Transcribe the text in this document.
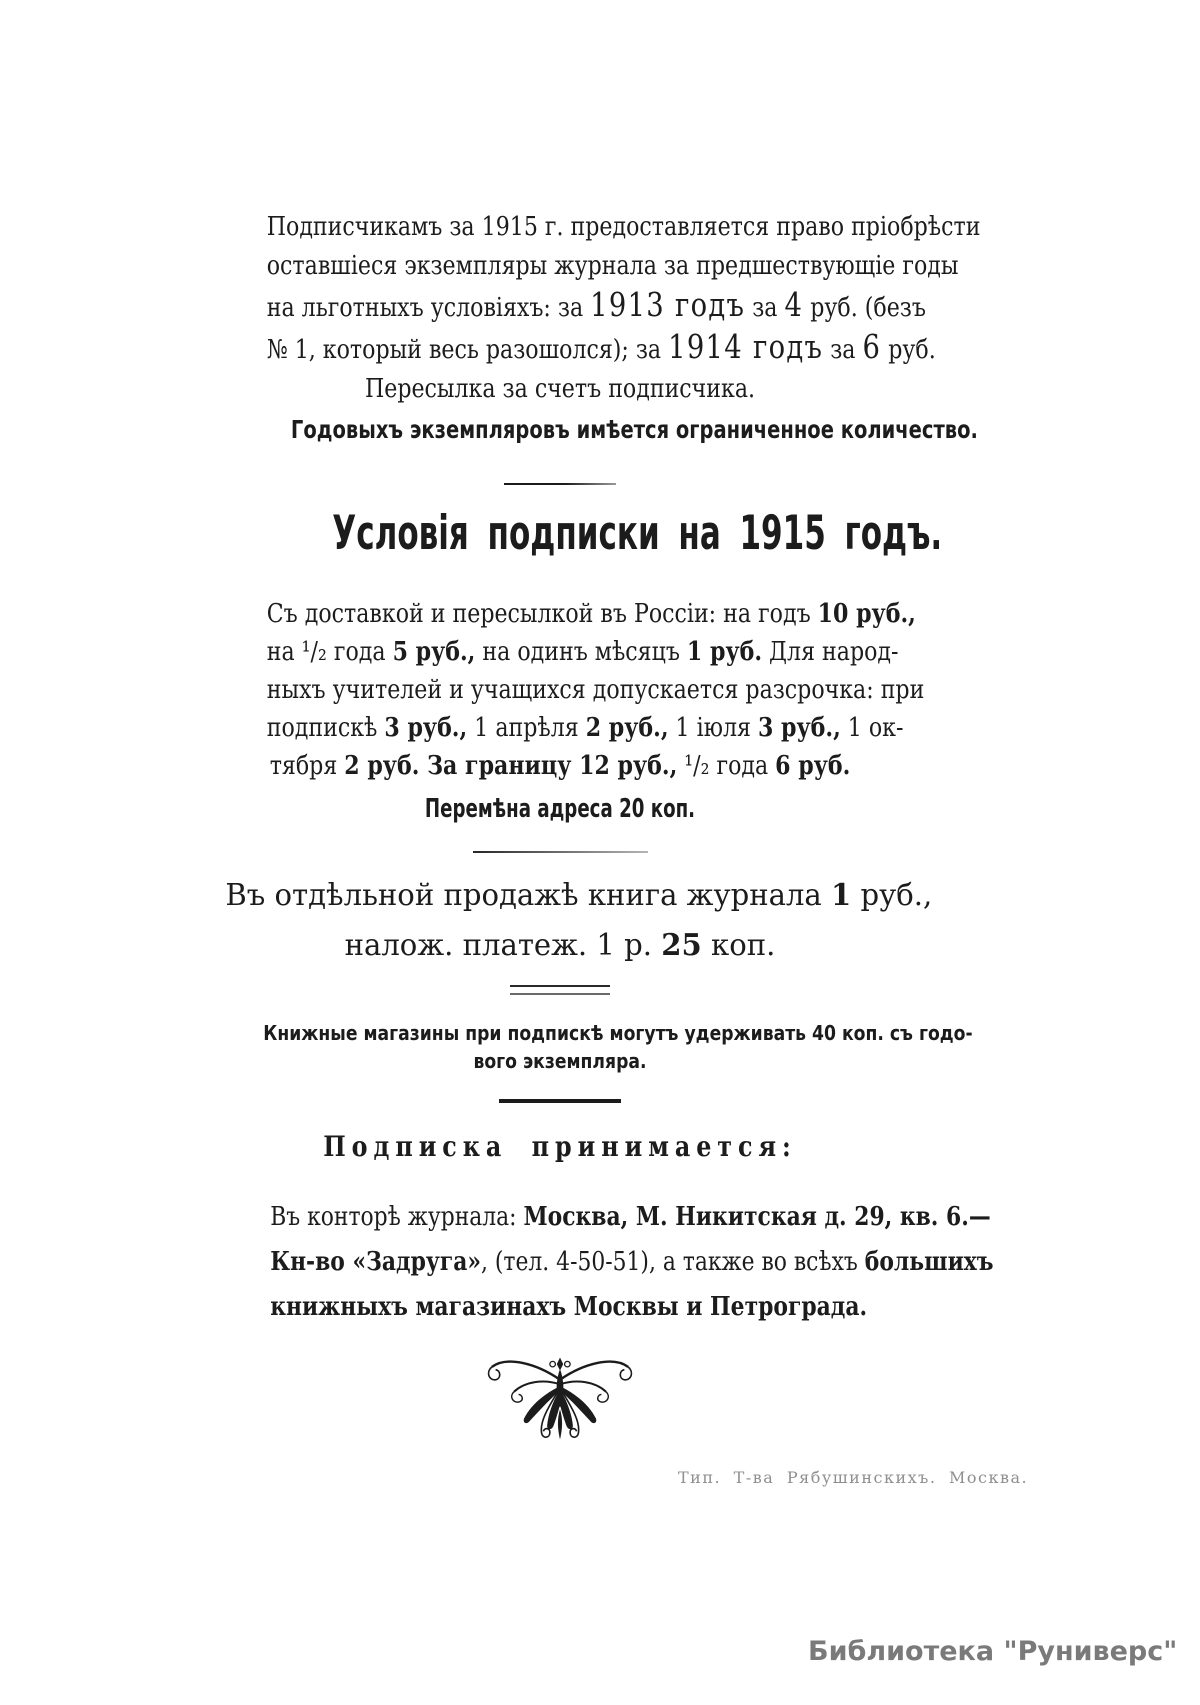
Подписчикамъ за 1915 г. предоставляется право пріобрѣсти
оставшіеся экземпляры журнала за предшествующіе годы
на льготныхъ условіяхъ: за 1913 годъ за 4 руб. (безъ
№ 1, который весь разошолся); за 1914 годъ за 6 руб.
Пересылка за счетъ подписчика.
Годовыхъ экземпляровъ имѣется ограниченное количество.
Условія подписки на 1915 годъ.
Съ доставкой и пересылкой въ Россіи: на годъ 10 руб.,
на ¹/₂ года 5 руб., на одинъ мѣсяцъ 1 руб. Для народ-
ныхъ учителей и учащихся допускается разсрочка: при
подпискѣ 3 руб., 1 апрѣля 2 руб., 1 іюля 3 руб., 1 ок-
тября 2 руб. За границу 12 руб., ¹/₂ года 6 руб.
Перемѣна адреса 20 коп.
Въ отдѣльной продажѣ книга журнала 1 руб.,
налож. платеж. 1 р. 25 коп.
Книжные магазины при подпискѣ могутъ удерживать 40 коп. съ годо-
вого экземпляра.
Подписка принимается:
Въ конторѣ журнала: Москва, М. Никитская д. 29, кв. 6.—
Кн-во «Задруга», (тел. 4-50-51), а также во всѣхъ большихъ
книжныхъ магазинахъ Москвы и Петрограда.
Тип. Т-ва Рябушинскихъ. Москва.
Библиотека "Руниверс"
